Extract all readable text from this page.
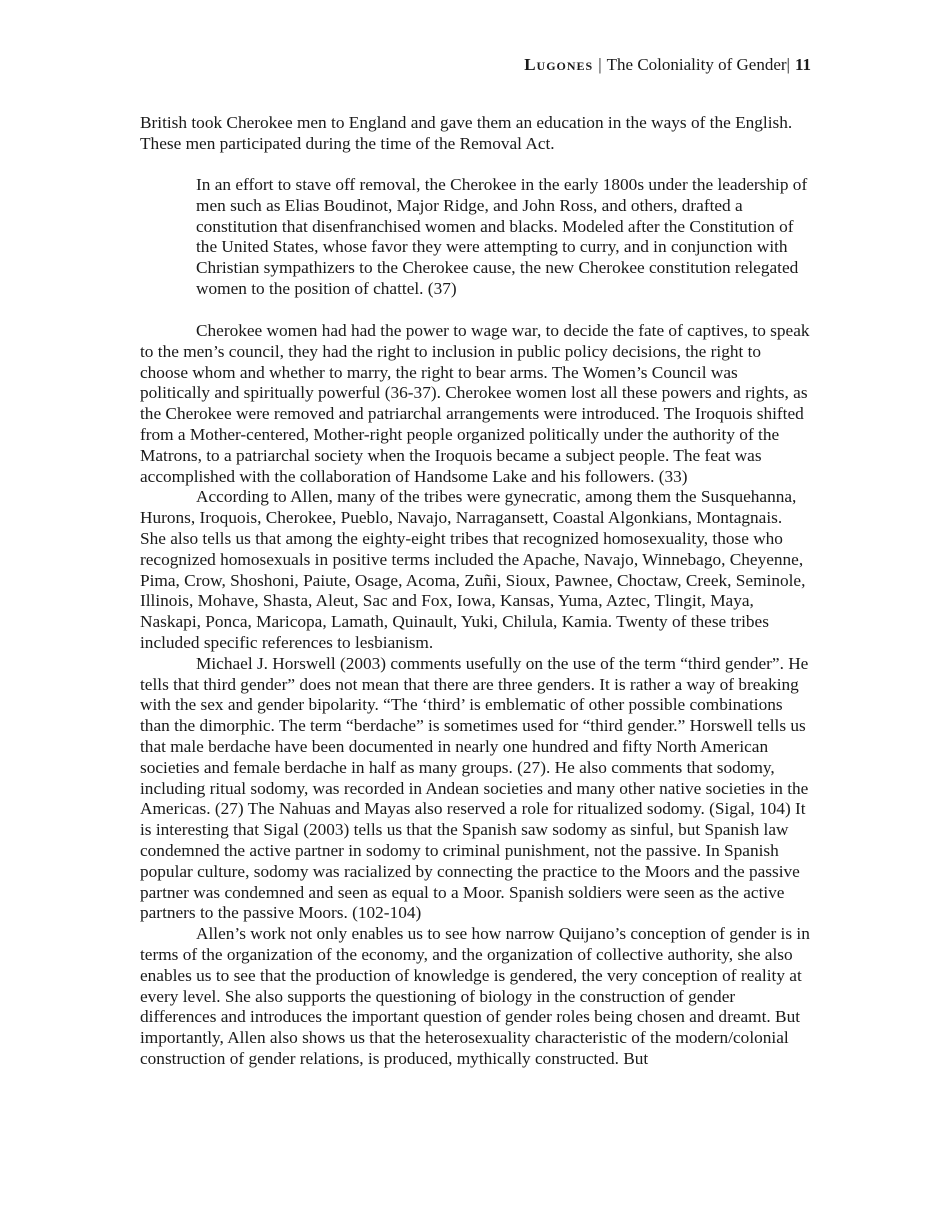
Lugones | The Coloniality of Gender| 11

British took Cherokee men to England and gave them an education in the ways of the English. These men participated during the time of the Removal Act.

In an effort to stave off removal, the Cherokee in the early 1800s under the leadership of men such as Elias Boudinot, Major Ridge, and John Ross, and others, drafted a constitution that disenfranchised women and blacks. Modeled after the Constitution of the United States, whose favor they were attempting to curry, and in conjunction with Christian sympathizers to the Cherokee cause, the new Cherokee constitution relegated women to the position of chattel. (37)

Cherokee women had had the power to wage war, to decide the fate of captives, to speak to the men’s council, they had the right to inclusion in public policy decisions, the right to choose whom and whether to marry, the right to bear arms. The Women’s Council was politically and spiritually powerful (36-37). Cherokee women lost all these powers and rights, as the Cherokee were removed and patriarchal arrangements were introduced. The Iroquois shifted from a Mother-centered, Mother-right people organized politically under the authority of the Matrons, to a patriarchal society when the Iroquois became a subject people. The feat was accomplished with the collaboration of Handsome Lake and his followers. (33)

According to Allen, many of the tribes were gynecratic, among them the Susquehanna, Hurons, Iroquois, Cherokee, Pueblo, Navajo, Narragansett, Coastal Algonkians, Montagnais. She also tells us that among the eighty-eight tribes that recognized homosexuality, those who recognized homosexuals in positive terms included the Apache, Navajo, Winnebago, Cheyenne, Pima, Crow, Shoshoni, Paiute, Osage, Acoma, Zuñi, Sioux, Pawnee, Choctaw, Creek, Seminole, Illinois, Mohave, Shasta, Aleut, Sac and Fox, Iowa, Kansas, Yuma, Aztec, Tlingit, Maya, Naskapi, Ponca, Maricopa, Lamath, Quinault, Yuki, Chilula, Kamia. Twenty of these tribes included specific references to lesbianism.

Michael J. Horswell (2003) comments usefully on the use of the term “third gender”. He tells that third gender” does not mean that there are three genders. It is rather a way of breaking with the sex and gender bipolarity. “The ‘third’ is emblematic of other possible combinations than the dimorphic. The term “berdache” is sometimes used for “third gender.” Horswell tells us that male berdache have been documented in nearly one hundred and fifty North American societies and female berdache in half as many groups. (27). He also comments that sodomy, including ritual sodomy, was recorded in Andean societies and many other native societies in the Americas. (27) The Nahuas and Mayas also reserved a role for ritualized sodomy. (Sigal, 104) It is interesting that Sigal (2003) tells us that the Spanish saw sodomy as sinful, but Spanish law condemned the active partner in sodomy to criminal punishment, not the passive. In Spanish popular culture, sodomy was racialized by connecting the practice to the Moors and the passive partner was condemned and seen as equal to a Moor. Spanish soldiers were seen as the active partners to the passive Moors. (102-104)

Allen’s work not only enables us to see how narrow Quijano’s conception of gender is in terms of the organization of the economy, and the organization of collective authority, she also enables us to see that the production of knowledge is gendered, the very conception of reality at every level. She also supports the questioning of biology in the construction of gender differences and introduces the important question of gender roles being chosen and dreamt. But importantly, Allen also shows us that the heterosexuality characteristic of the modern/colonial construction of gender relations, is produced, mythically constructed. But
